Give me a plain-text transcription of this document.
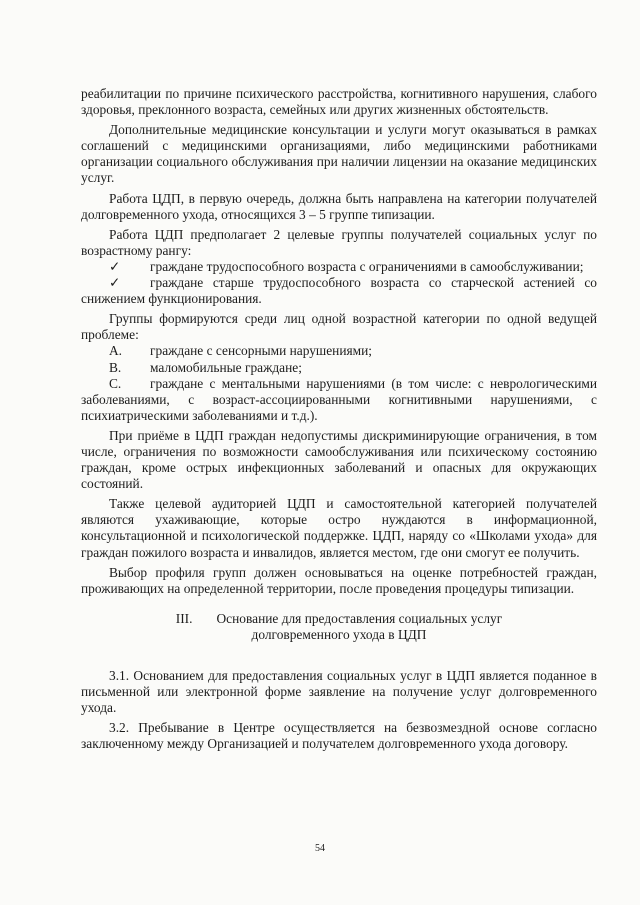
реабилитации по причине психического расстройства, когнитивного нарушения, слабого здоровья, преклонного возраста, семейных или других жизненных обстоятельств.

Дополнительные медицинские консультации и услуги могут оказываться в рамках соглашений с медицинскими организациями, либо медицинскими работниками организации социального обслуживания при наличии лицензии на оказание медицинских услуг.

Работа ЦДП, в первую очередь, должна быть направлена на категории получателей долговременного ухода, относящихся 3 – 5 группе типизации.

Работа ЦДП предполагает 2 целевые группы получателей социальных услуг по возрастному рангу:

✓ граждане трудоспособного возраста с ограничениями в самообслуживании;

✓ граждане старше трудоспособного возраста со старческой астенией со снижением функционирования.

Группы формируются среди лиц одной возрастной категории по одной ведущей проблеме:

А. граждане с сенсорными нарушениями;

В. маломобильные граждане;

С. граждане с ментальными нарушениями (в том числе: с неврологическими заболеваниями, с возраст-ассоциированными когнитивными нарушениями, с психиатрическими заболеваниями и т.д.).

При приёме в ЦДП граждан недопустимы дискриминирующие ограничения, в том числе, ограничения по возможности самообслуживания или психическому состоянию граждан, кроме острых инфекционных заболеваний и опасных для окружающих состояний.

Также целевой аудиторией ЦДП и самостоятельной категорией получателей являются ухаживающие, которые остро нуждаются в информационной, консультационной и психологической поддержке. ЦДП, наряду со «Школами ухода» для граждан пожилого возраста и инвалидов, является местом, где они смогут ее получить.

Выбор профиля групп должен основываться на оценке потребностей граждан, проживающих на определенной территории, после проведения процедуры типизации.

III. Основание для предоставления социальных услуг
долговременного ухода в ЦДП

3.1. Основанием для предоставления социальных услуг в ЦДП является поданное в письменной или электронной форме заявление на получение услуг долговременного ухода.

3.2. Пребывание в Центре осуществляется на безвозмездной основе согласно заключенному между Организацией и получателем долговременного ухода договору.

54
